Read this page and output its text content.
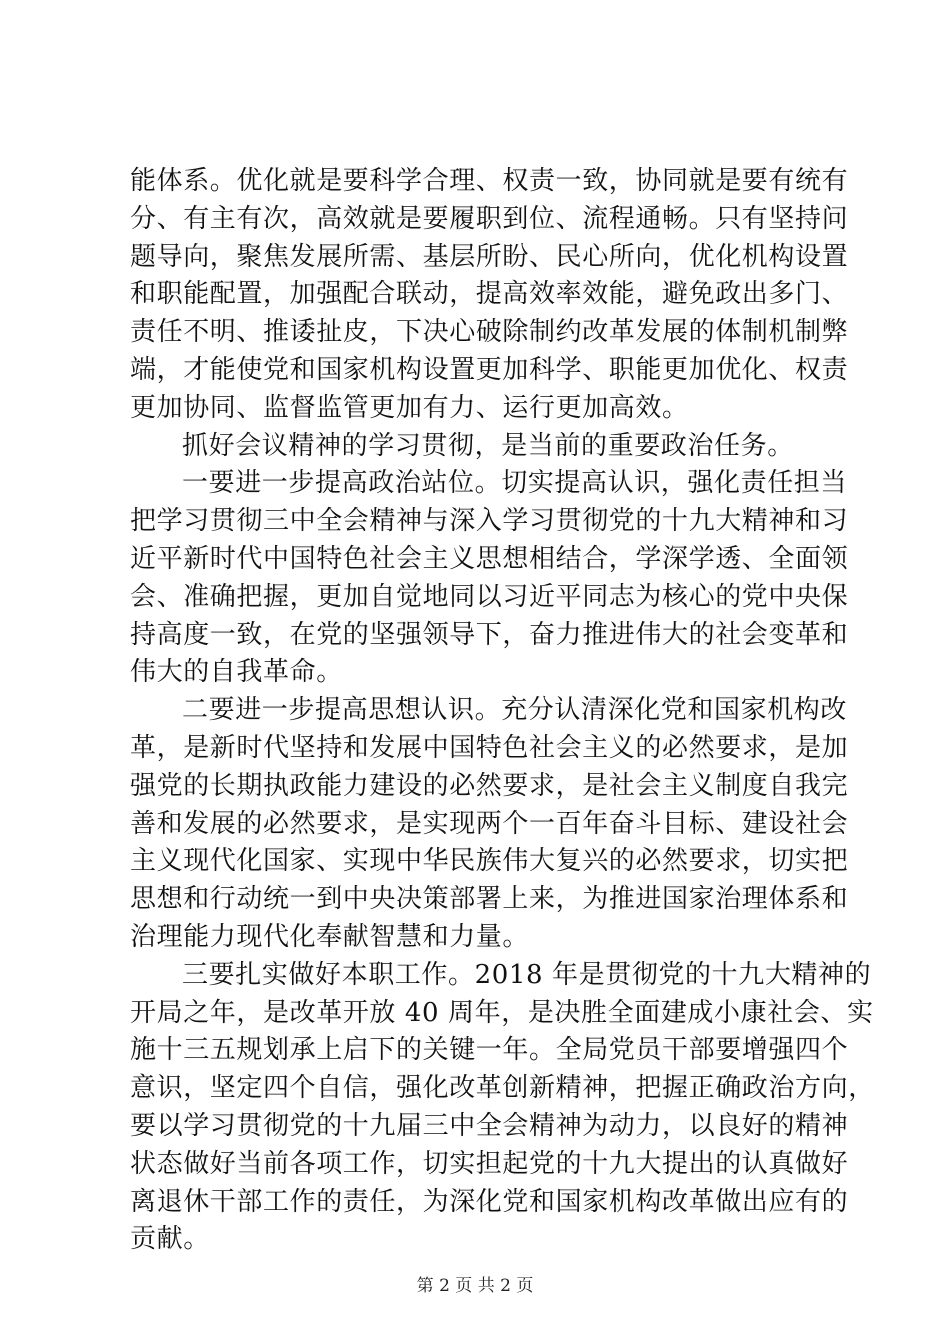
能体系。优化就是要科学合理、权责一致，协同就是要有统有
分、有主有次，高效就是要履职到位、流程通畅。只有坚持问
题导向，聚焦发展所需、基层所盼、民心所向，优化机构设置
和职能配置，加强配合联动，提高效率效能，避免政出多门、
责任不明、推诿扯皮，下决心破除制约改革发展的体制机制弊
端，才能使党和国家机构设置更加科学、职能更加优化、权责
更加协同、监督监管更加有力、运行更加高效。
抓好会议精神的学习贯彻，是当前的重要政治任务。
一要进一步提高政治站位。切实提高认识，强化责任担当
把学习贯彻三中全会精神与深入学习贯彻党的十九大精神和习
近平新时代中国特色社会主义思想相结合，学深学透、全面领
会、准确把握，更加自觉地同以习近平同志为核心的党中央保
持高度一致，在党的坚强领导下，奋力推进伟大的社会变革和
伟大的自我革命。
二要进一步提高思想认识。充分认清深化党和国家机构改
革，是新时代坚持和发展中国特色社会主义的必然要求，是加
强党的长期执政能力建设的必然要求，是社会主义制度自我完
善和发展的必然要求，是实现两个一百年奋斗目标、建设社会
主义现代化国家、实现中华民族伟大复兴的必然要求，切实把
思想和行动统一到中央决策部署上来，为推进国家治理体系和
治理能力现代化奉献智慧和力量。
三要扎实做好本职工作。2018 年是贯彻党的十九大精神的
开局之年，是改革开放 40 周年，是决胜全面建成小康社会、实
施十三五规划承上启下的关键一年。全局党员干部要增强四个
意识，坚定四个自信，强化改革创新精神，把握正确政治方向，
要以学习贯彻党的十九届三中全会精神为动力，以良好的精神
状态做好当前各项工作，切实担起党的十九大提出的认真做好
离退休干部工作的责任，为深化党和国家机构改革做出应有的
贡献。
第 2 页 共 2 页
